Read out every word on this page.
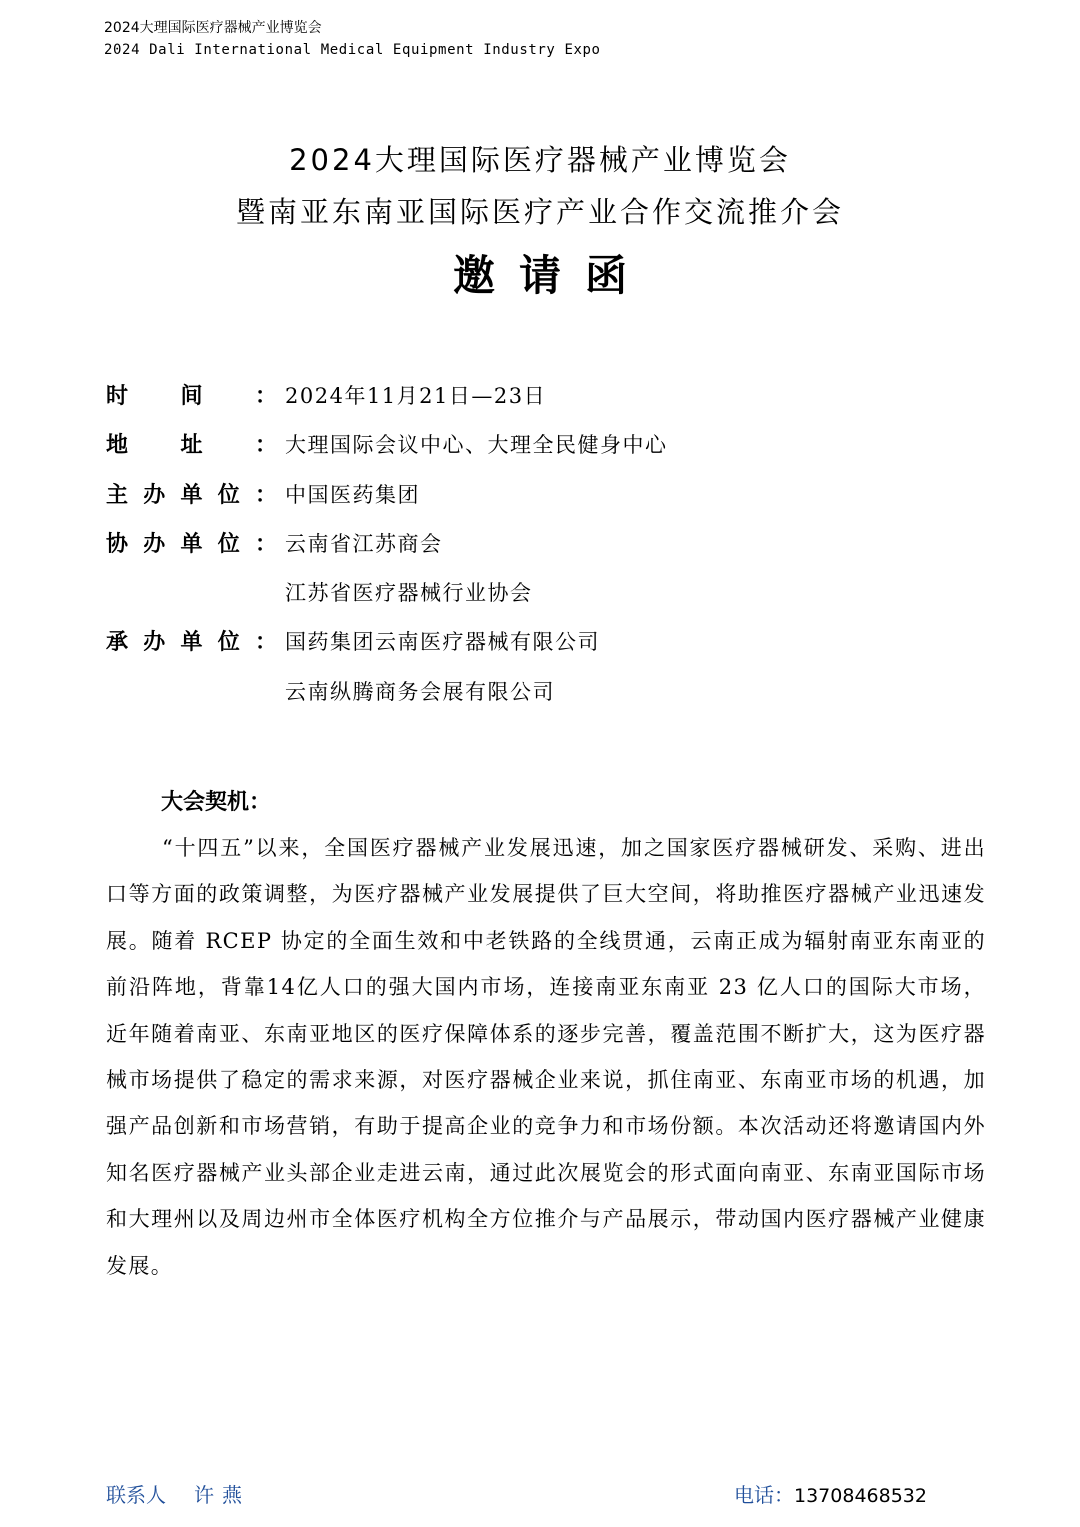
2024大理国际医疗器械产业博览会
2024 Dali International Medical Equipment Industry Expo
2024大理国际医疗器械产业博览会
暨南亚东南亚国际医疗产业合作交流推介会
邀请函
时 间 ： 2024年11月21日—23日
地 址 ： 大理国际会议中心、大理全民健身中心
主 办 单 位 ： 中国医药集团
协 办 单 位 ： 云南省江苏商会
江苏省医疗器械行业协会
承 办 单 位 ： 国药集团云南医疗器械有限公司
云南纵腾商务会展有限公司
大会契机：
“十四五”以来，全国医疗器械产业发展迅速，加之国家医疗器械研发、采购、进出口等方面的政策调整，为医疗器械产业发展提供了巨大空间，将助推医疗器械产业迅速发展。随着 RCEP 协定的全面生效和中老铁路的全线贯通，云南正成为辐射南亚东南亚的前沿阵地，背靠14亿人口的强大国内市场，连接南亚东南亚 23 亿人口的国际大市场，近年随着南亚、东南亚地区的医疗保障体系的逐步完善，覆盖范围不断扩大，这为医疗器械市场提供了稳定的需求来源，对医疗器械企业来说，抓住南亚、东南亚市场的机遇，加强产品创新和市场营销，有助于提高企业的竞争力和市场份额。本次活动还将邀请国内外知名医疗器械产业头部企业走进云南，通过此次展览会的形式面向南亚、东南亚国际市场和大理州以及周边州市全体医疗机构全方位推介与产品展示，带动国内医疗器械产业健康发展。
联系人 许燕	电话：13708468532
